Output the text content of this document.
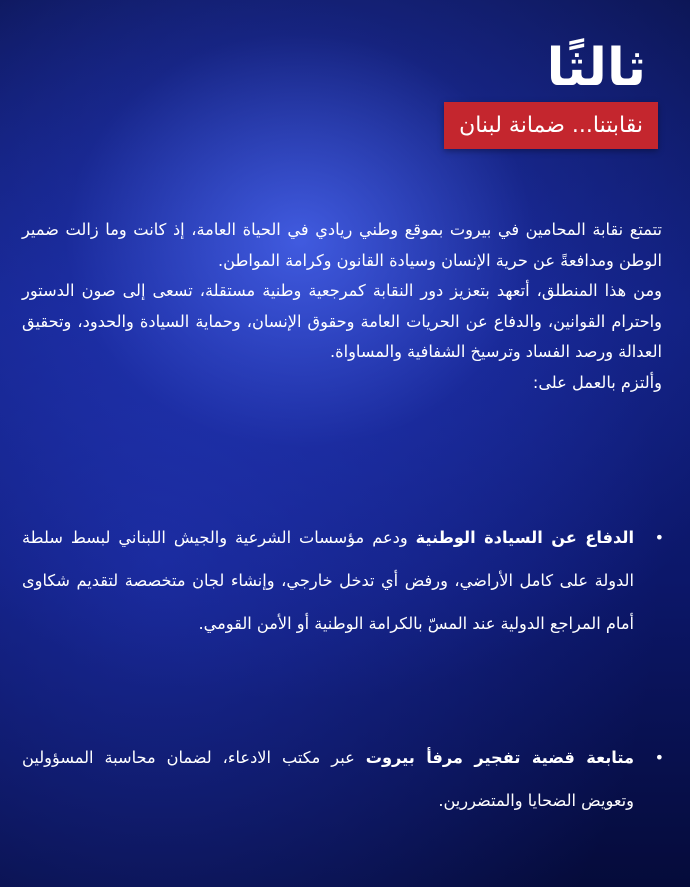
ثالثًا
نقابتنا... ضمانة لبنان

تتمتع نقابة المحامين في بيروت بموقع وطني ريادي في الحياة العامة، إذ كانت وما زالت ضمير الوطن ومدافعةً عن حرية الإنسان وسيادة القانون وكرامة المواطن.

ومن هذا المنطلق، أتعهد بتعزيز دور النقابة كمرجعية وطنية مستقلة، تسعى إلى صون الدستور واحترام القوانين، والدفاع عن الحريات العامة وحقوق الإنسان، وحماية السيادة والحدود، وتحقيق العدالة ورصد الفساد وترسيخ الشفافية والمساواة.

وألتزم بالعمل على:

•
الدفاع عن السيادة الوطنية ودعم مؤسسات الشرعية والجيش اللبناني لبسط سلطة الدولة على كامل الأراضي، ورفض أي تدخل خارجي، وإنشاء لجان متخصصة لتقديم شكاوى أمام المراجع الدولية عند المسّ بالكرامة الوطنية أو الأمن القومي.
•
متابعة قضية تفجير مرفأ بيروت عبر مكتب الادعاء، لضمان محاسبة المسؤولين وتعويض الضحايا والمتضررين.
